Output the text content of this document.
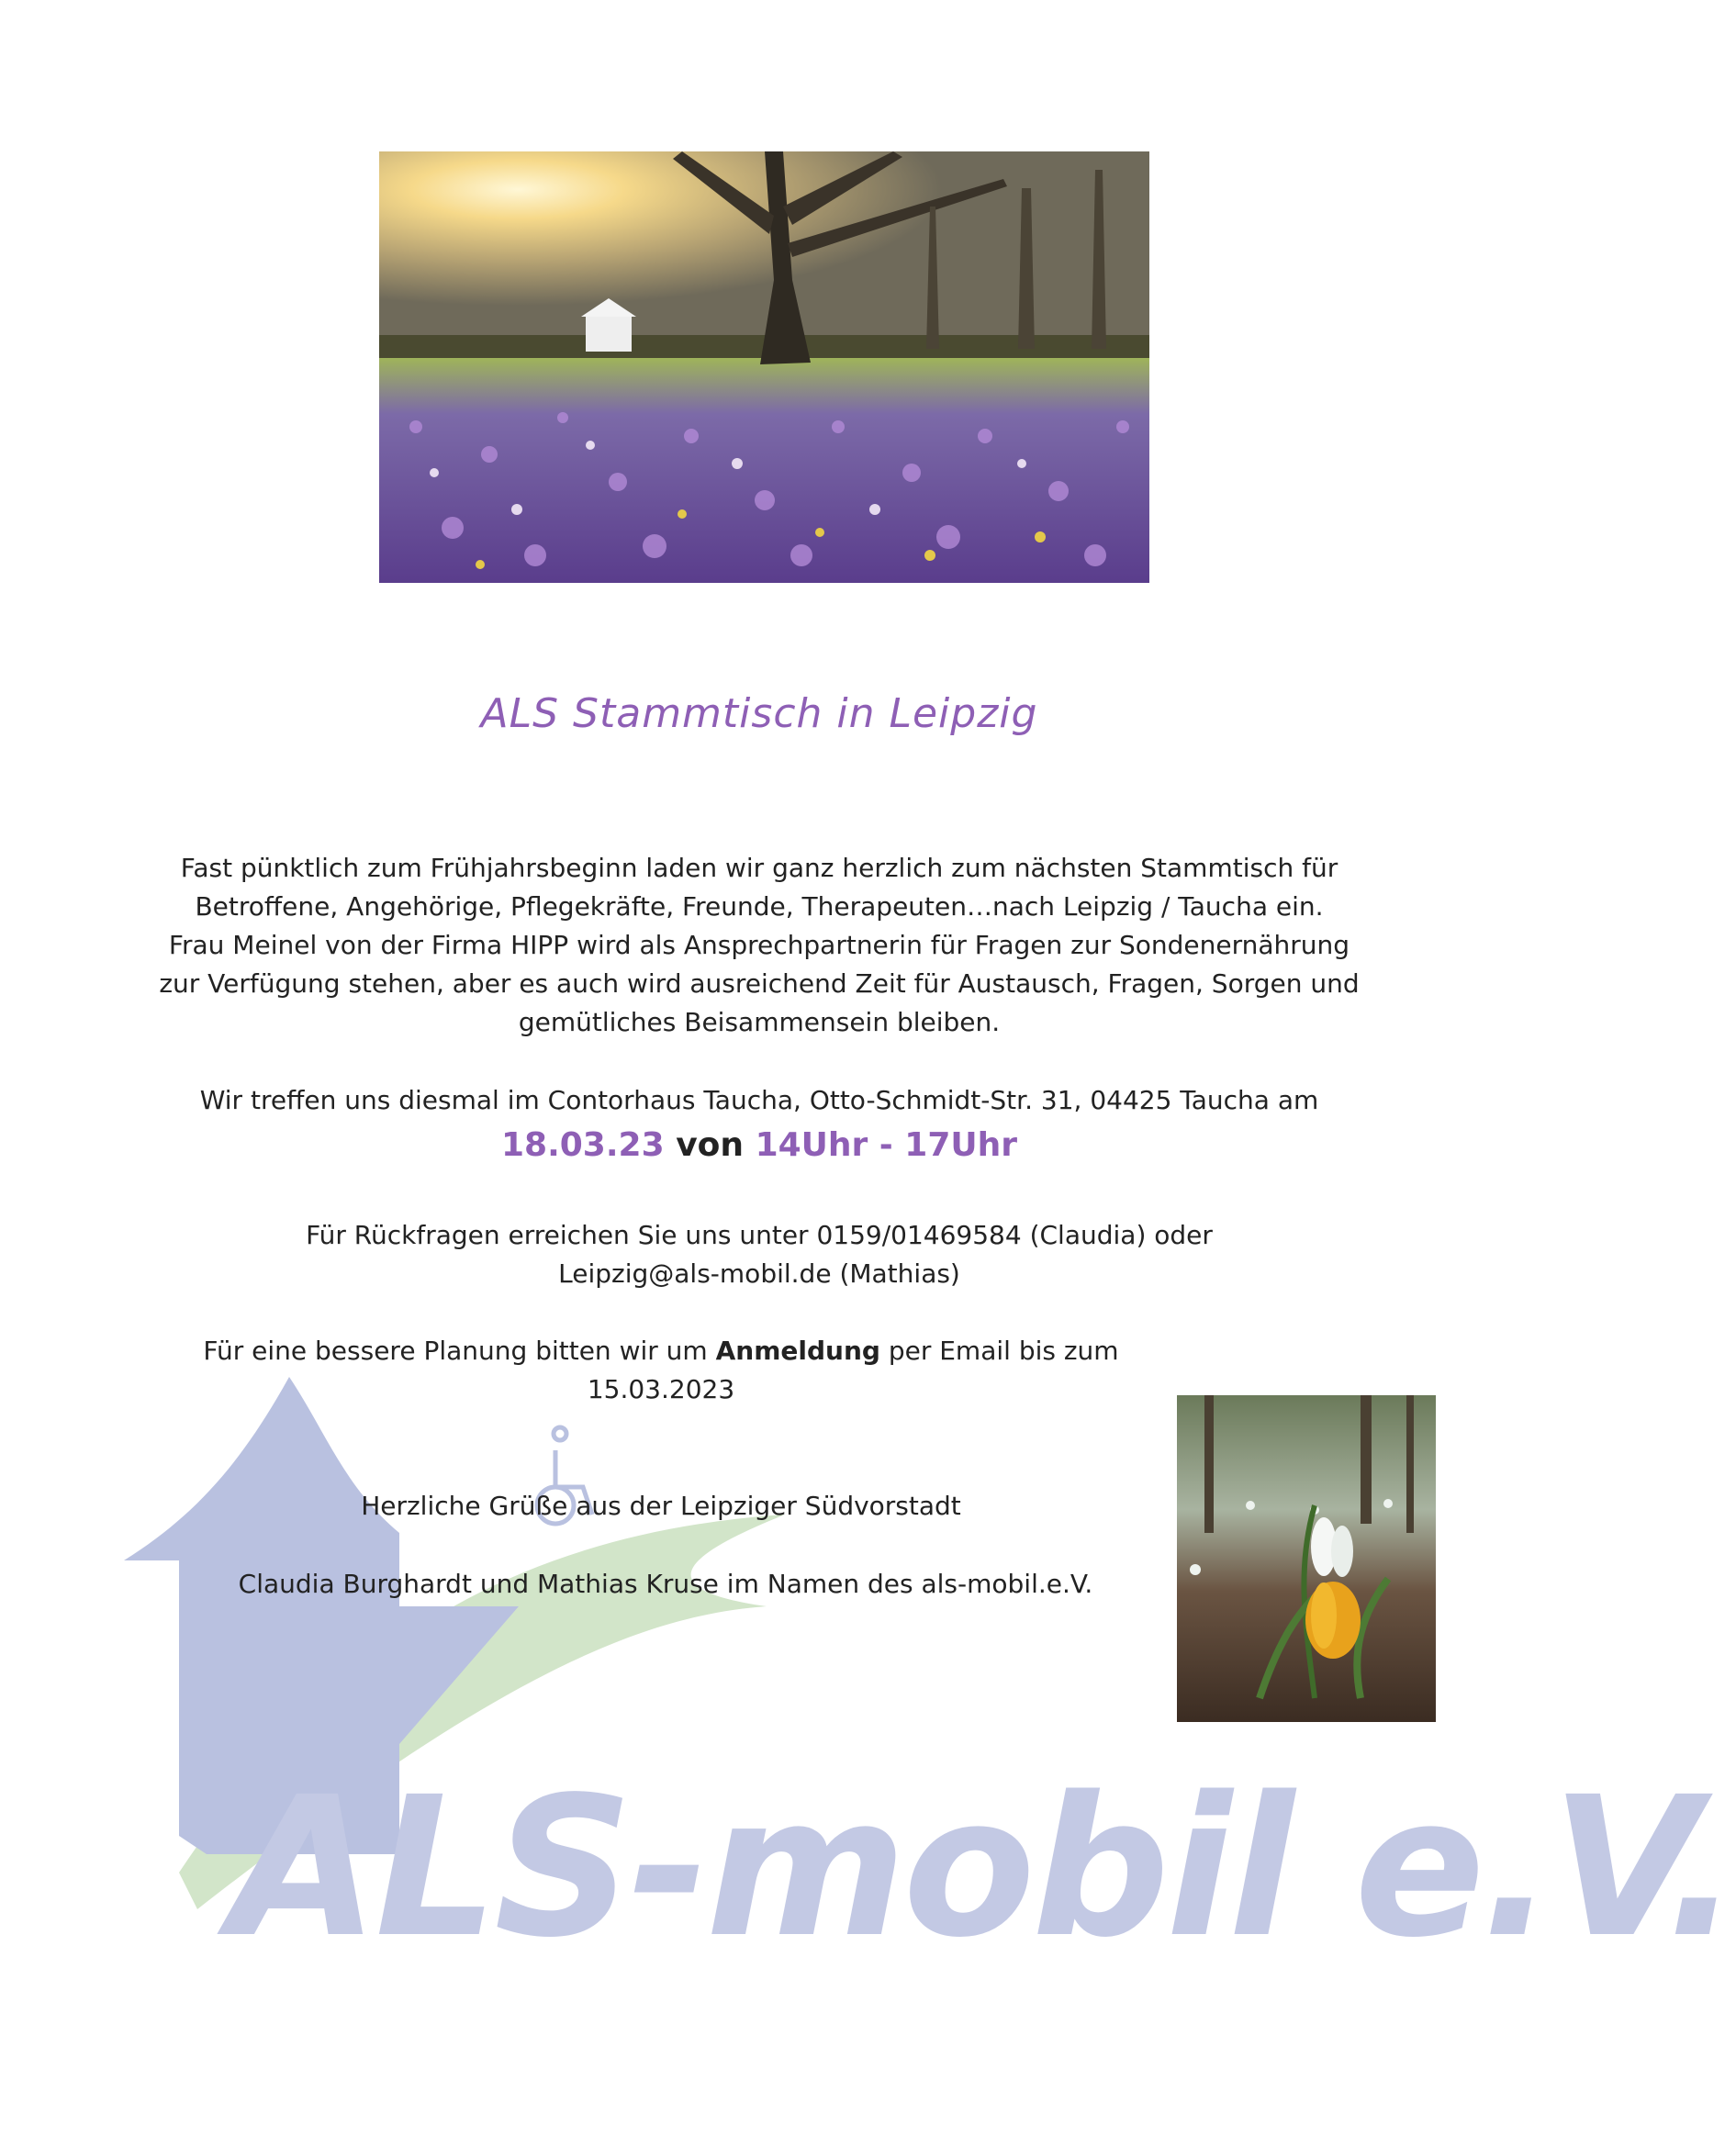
ALS Stammtisch in Leipzig
Fast pünktlich zum Frühjahrsbeginn laden wir ganz herzlich zum nächsten Stammtisch für
Betroffene, Angehörige, Pflegekräfte, Freunde, Therapeuten…nach Leipzig / Taucha ein.
Frau Meinel von der Firma HIPP wird als Ansprechpartnerin für Fragen zur Sondenernährung
zur Verfügung stehen, aber es auch wird ausreichend Zeit für Austausch, Fragen, Sorgen und
gemütliches Beisammensein bleiben.
Wir treffen uns diesmal im Contorhaus Taucha, Otto-Schmidt-Str. 31, 04425 Taucha am
18.03.23 von 14Uhr - 17Uhr
Für Rückfragen erreichen Sie uns unter 0159/01469584 (Claudia) oder
Leipzig@als-mobil.de (Mathias)
ALS-mobil e.V.
Für eine bessere Planung bitten wir um Anmeldung per Email bis zum
15.03.2023
Herzliche Grüße aus der Leipziger Südvorstadt
Claudia Burghardt und Mathias Kruse im Namen des als-mobil.e.V.
